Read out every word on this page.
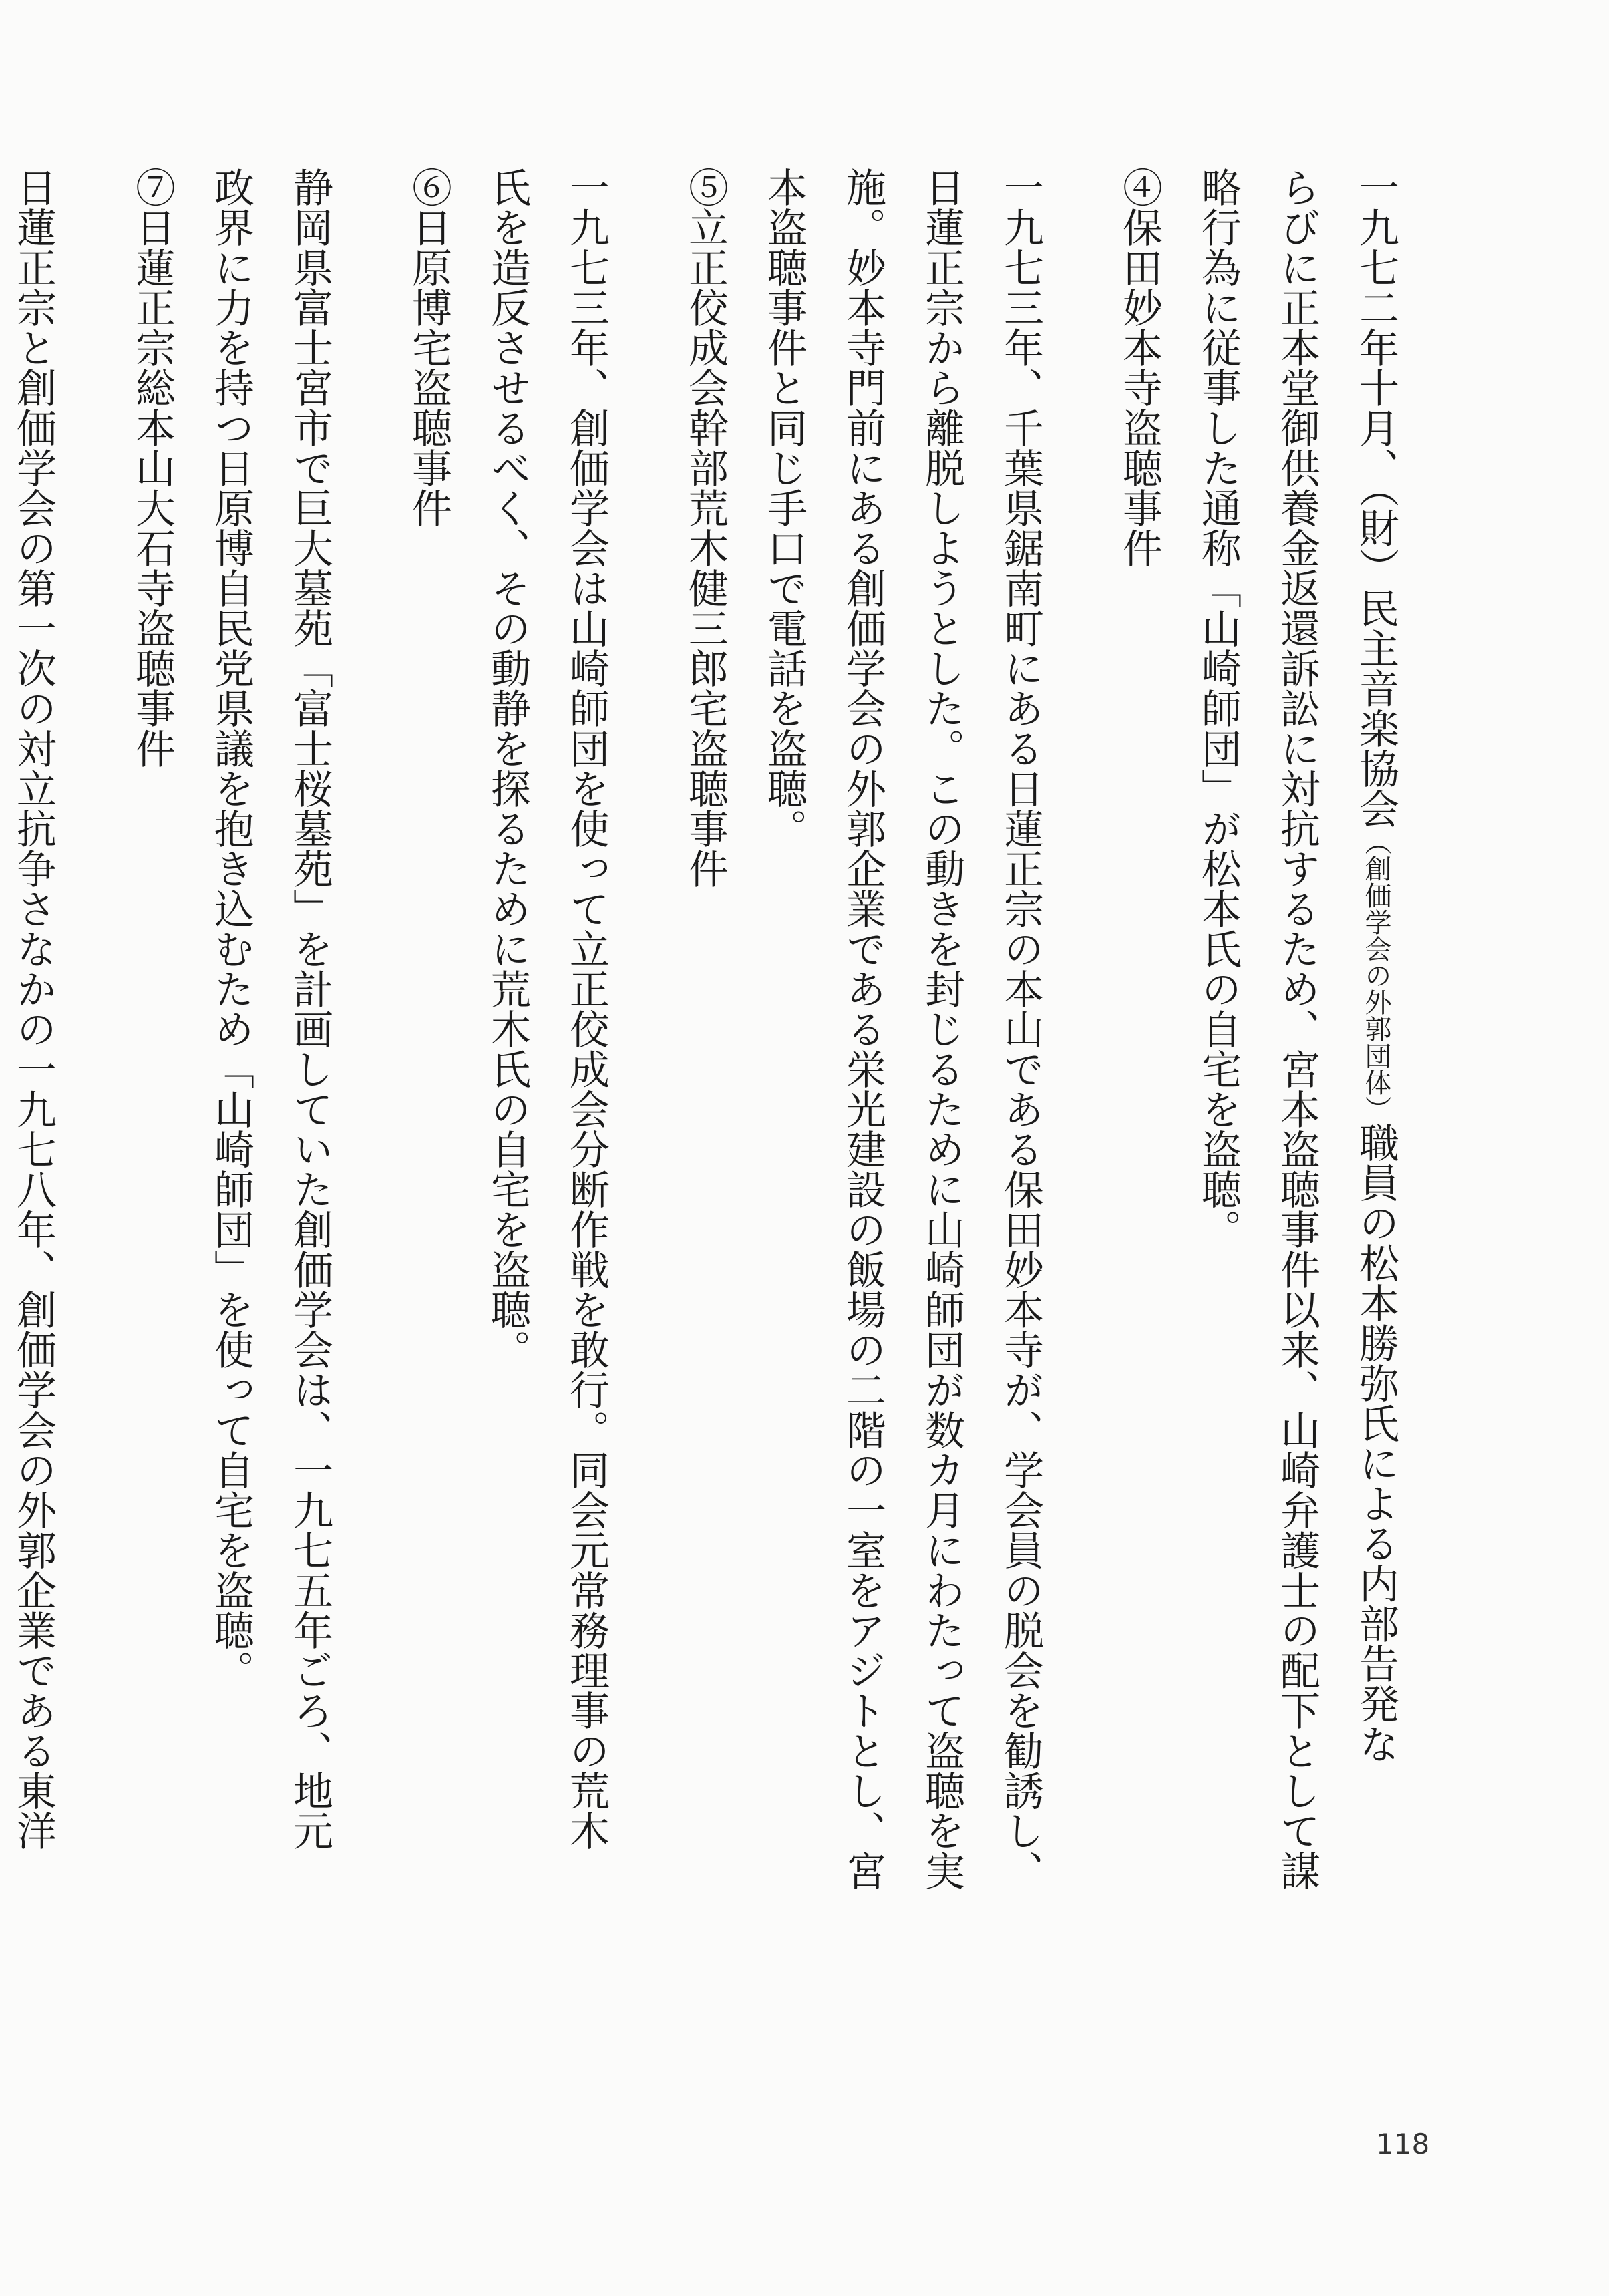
一九七二年十月、（財）民主音楽協会（創価学会の外郭団体）職員の松本勝弥氏による内部告発な
らびに正本堂御供養金返還訴訟に対抗するため、宮本盗聴事件以来、山崎弁護士の配下として謀
略行為に従事した通称「山崎師団」が松本氏の自宅を盗聴。
④保田妙本寺盗聴事件
一九七三年、千葉県鋸南町にある日蓮正宗の本山である保田妙本寺が、学会員の脱会を勧誘し、
日蓮正宗から離脱しようとした。この動きを封じるために山崎師団が数カ月にわたって盗聴を実
施。妙本寺門前にある創価学会の外郭企業である栄光建設の飯場の二階の一室をアジトとし、宮
本盗聴事件と同じ手口で電話を盗聴。
⑤立正佼成会幹部荒木健三郎宅盗聴事件
一九七三年、創価学会は山崎師団を使って立正佼成会分断作戦を敢行。同会元常務理事の荒木
氏を造反させるべく、その動静を探るために荒木氏の自宅を盗聴。
⑥日原博宅盗聴事件
静岡県富士宮市で巨大墓苑「富士桜墓苑」を計画していた創価学会は、一九七五年ごろ、地元
政界に力を持つ日原博自民党県議を抱き込むため「山崎師団」を使って自宅を盗聴。
⑦日蓮正宗総本山大石寺盗聴事件
日蓮正宗と創価学会の第一次の対立抗争さなかの一九七八年、創価学会の外郭企業である東洋
118
